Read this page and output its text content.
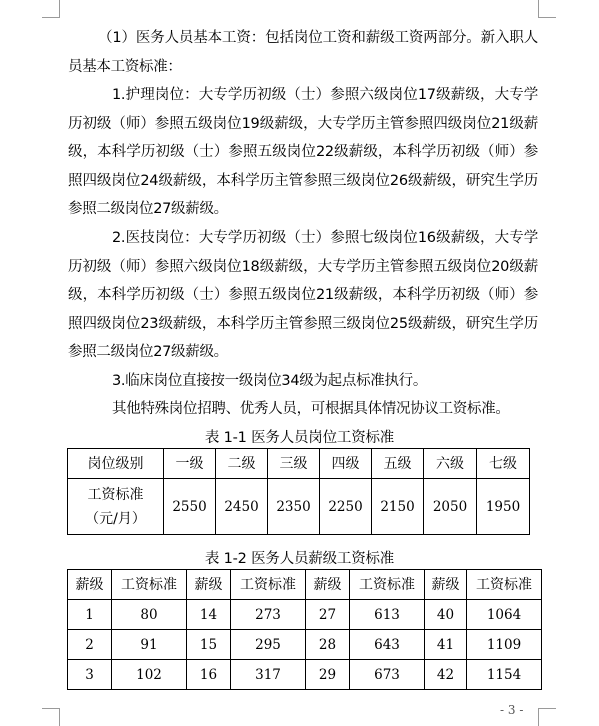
（1）医务人员基本工资：包括岗位工资和薪级工资两部分。新入职人员基本工资标准：

1.护理岗位：大专学历初级（士）参照六级岗位17级薪级，大专学历初级（师）参照五级岗位19级薪级，大专学历主管参照四级岗位21级薪级，本科学历初级（士）参照五级岗位22级薪级，本科学历初级（师）参照四级岗位24级薪级，本科学历主管参照三级岗位26级薪级，研究生学历参照二级岗位27级薪级。

2.医技岗位：大专学历初级（士）参照七级岗位16级薪级，大专学历初级（师）参照六级岗位18级薪级，大专学历主管参照五级岗位20级薪级，本科学历初级（士）参照五级岗位21级薪级，本科学历初级（师）参照四级岗位23级薪级，本科学历主管参照三级岗位25级薪级，研究生学历参照二级岗位27级薪级。

3.临床岗位直接按一级岗位34级为起点标准执行。

其他特殊岗位招聘、优秀人员，可根据具体情况协议工资标准。

表 1-1 医务人员岗位工资标准

岗位级别	一级	二级	三级	四级	五级	六级	七级

工资标准
（元/月）	2550	2450	2350	2250	2150	2050	1950

表 1-2 医务人员薪级工资标准

薪级	工资标准	薪级	工资标准	薪级	工资标准	薪级	工资标准
1	80	14	273	27	613	40	1064
2	91	15	295	28	643	41	1109
3	102	16	317	29	673	42	1154
- 3 -
